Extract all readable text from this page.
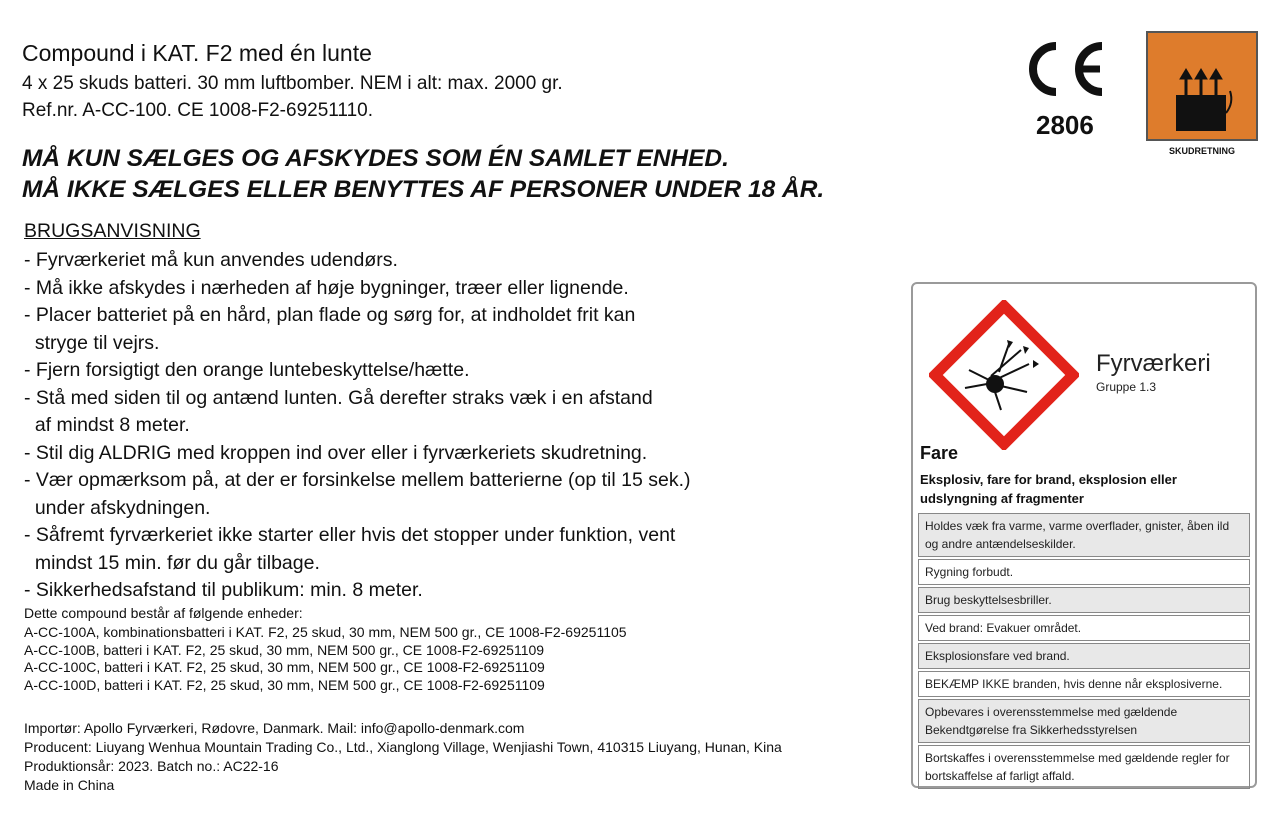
Compound i KAT. F2 med én lunte
4 x 25 skuds batteri. 30 mm luftbomber. NEM i alt: max. 2000 gr.
Ref.nr. A-CC-100. CE 1008-F2-69251110.
MÅ KUN SÆLGES OG AFSKYDES SOM ÉN SAMLET ENHED.
MÅ IKKE SÆLGES ELLER BENYTTES AF PERSONER UNDER 18 ÅR.
BRUGSANVISNING
- Fyrværkeriet må kun anvendes udendørs.
- Må ikke afskydes i nærheden af høje bygninger, træer eller lignende.
- Placer batteriet på en hård, plan flade og sørg for, at indholdet frit kan
stryge til vejrs.
- Fjern forsigtigt den orange luntebeskyttelse/hætte.
- Stå med siden til og antænd lunten. Gå derefter straks væk i en afstand
af mindst 8 meter.
- Stil dig ALDRIG med kroppen ind over eller i fyrværkeriets skudretning.
- Vær opmærksom på, at der er forsinkelse mellem batterierne (op til 15 sek.)
under afskydningen.
- Såfremt fyrværkeriet ikke starter eller hvis det stopper under funktion, vent
mindst 15 min. før du går tilbage.
- Sikkerhedsafstand til publikum: min. 8 meter.
Dette compound består af følgende enheder:
A-CC-100A, kombinationsbatteri i KAT. F2, 25 skud, 30 mm, NEM 500 gr., CE 1008-F2-69251105
A-CC-100B, batteri i KAT. F2, 25 skud, 30 mm, NEM 500 gr., CE 1008-F2-69251109
A-CC-100C, batteri i KAT. F2, 25 skud, 30 mm, NEM 500 gr., CE 1008-F2-69251109
A-CC-100D, batteri i KAT. F2, 25 skud, 30 mm, NEM 500 gr., CE 1008-F2-69251109
Importør: Apollo Fyrværkeri, Rødovre, Danmark. Mail: info@apollo-denmark.com
Producent: Liuyang Wenhua Mountain Trading Co., Ltd., Xianglong Village, Wenjiashi Town, 410315 Liuyang, Hunan, Kina
Produktionsår: 2023. Batch no.: AC22-16
Made in China
2806
SKUDRETNING
Fyrværkeri
Gruppe 1.3
Fare
Eksplosiv, fare for brand, eksplosion eller udslyngning af fragmenter
Holdes væk fra varme, varme overflader, gnister, åben ild og andre antændelseskilder.
Rygning forbudt.
Brug beskyttelsesbriller.
Ved brand: Evakuer området.
Eksplosionsfare ved brand.
BEKÆMP IKKE branden, hvis denne når eksplosiverne.
Opbevares i overensstemmelse med gældende Bekendtgørelse fra Sikkerhedsstyrelsen
Bortskaffes i overensstemmelse med gældende regler for bortskaffelse af farligt affald.
